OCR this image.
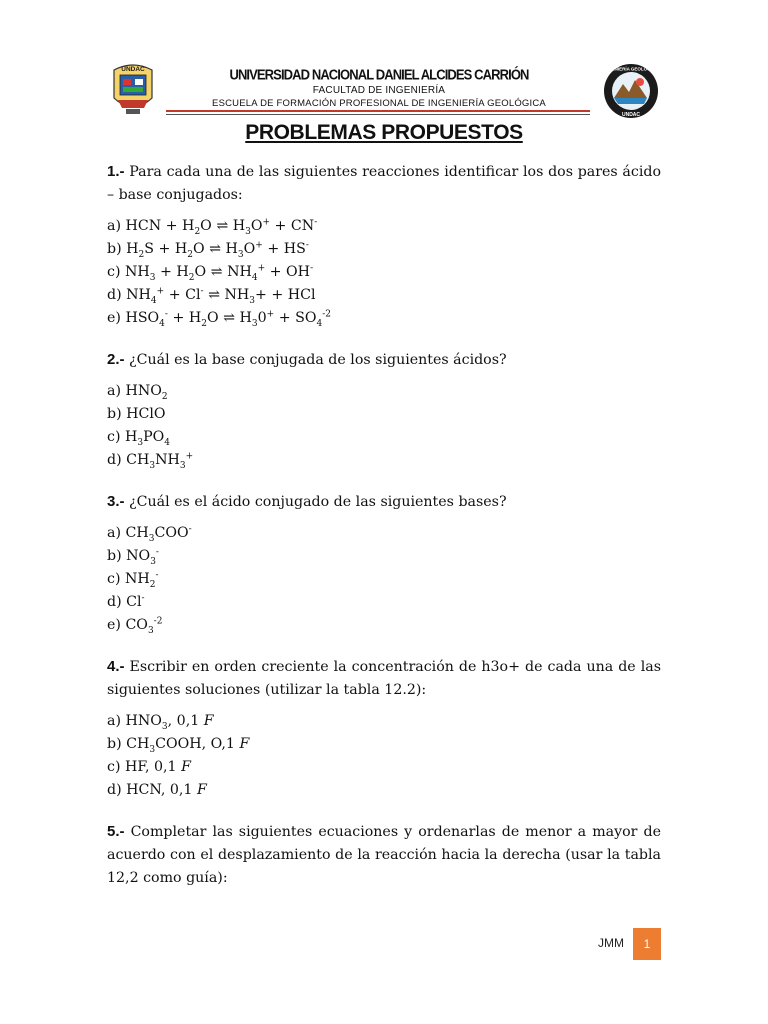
UNDAC	UNIVERSIDAD NACIONAL DANIEL ALCIDES CARRIÓN
FACULTAD DE INGENIERÍA
ESCUELA DE FORMACIÓN PROFESIONAL DE INGENIERÍA GEOLÓGICA
INGENIERÍA GEOLÓGICA
UNDAC
PROBLEMAS PROPUESTOS
1.- Para cada una de las siguientes reacciones identificar los dos pares ácido – base conjugados:
a) HCN + $H_2O$ ⇌ $H_3O^+ + CN^-$
b) $H_2S + H_2O$ ⇌ $H_3O^+ + HS^-$
c) $NH_3 + H_2O$ ⇌ $NH_4^+ + OH^-$
d) $NH_4^+ + Cl^-$ ⇌ $NH_3+$ + HCl
e) $HSO_4^- + H_2O$ ⇌ $H_30^+ + SO_4^{-2}$
2.- ¿Cuál es la base conjugada de los siguientes ácidos?
a) $HNO_2$
b) HClO
c) $H_3PO_4$
d) $CH_3NH_3^+$
3.- ¿Cuál es el ácido conjugado de las siguientes bases?
a) $CH_3COO^-$
b) $NO_3^-$
c) $NH_2^-$
d) Cl-
e) $CO_3^{-2}$
4.- Escribir en orden creciente la concentración de h3o+ de cada una de las siguientes soluciones (utilizar la tabla 12.2):
a) $HNO_3$, 0,1 F
b) $CH_3COOH$, O,1 F
c) HF, 0,1 F
d) HCN, 0,1 F
5.- Completar las siguientes ecuaciones y ordenarlas de menor a mayor de acuerdo con el desplazamiento de la reacción hacia la derecha (usar la tabla 12,2 como guía):
JMM	1
